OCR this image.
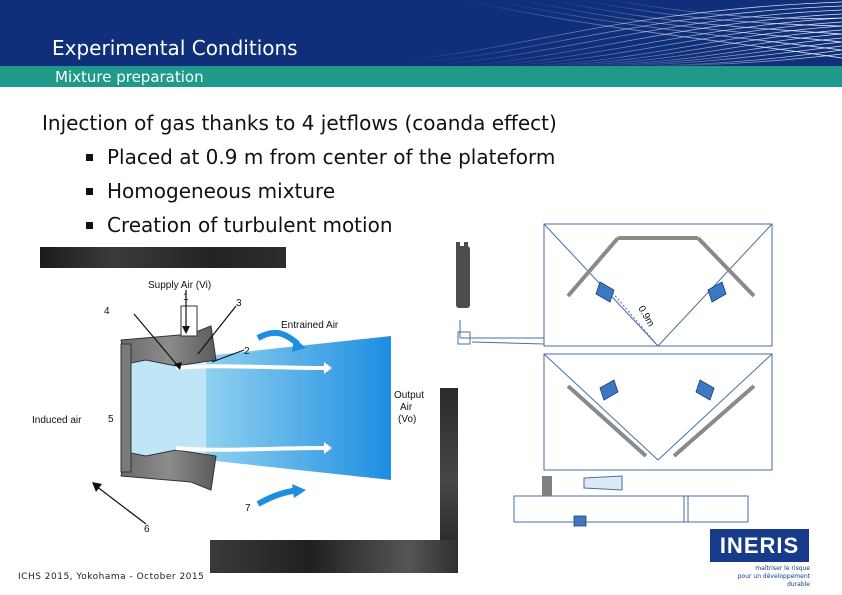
Experimental Conditions
Mixture preparation
Injection of gas thanks to 4 jetflows (coanda effect)
Placed at 0.9 m from center of the plateform
Homogeneous mixture
Creation of turbulent motion
Supply Air (Vi)
Entrained Air
Induced air
Output
Air
(Vo)
1
2
3
4
5
6
7
0.9m
ICHS 2015, Yokohama - October 2015
INERIS
maîtriser le risque
pour un développement durable
